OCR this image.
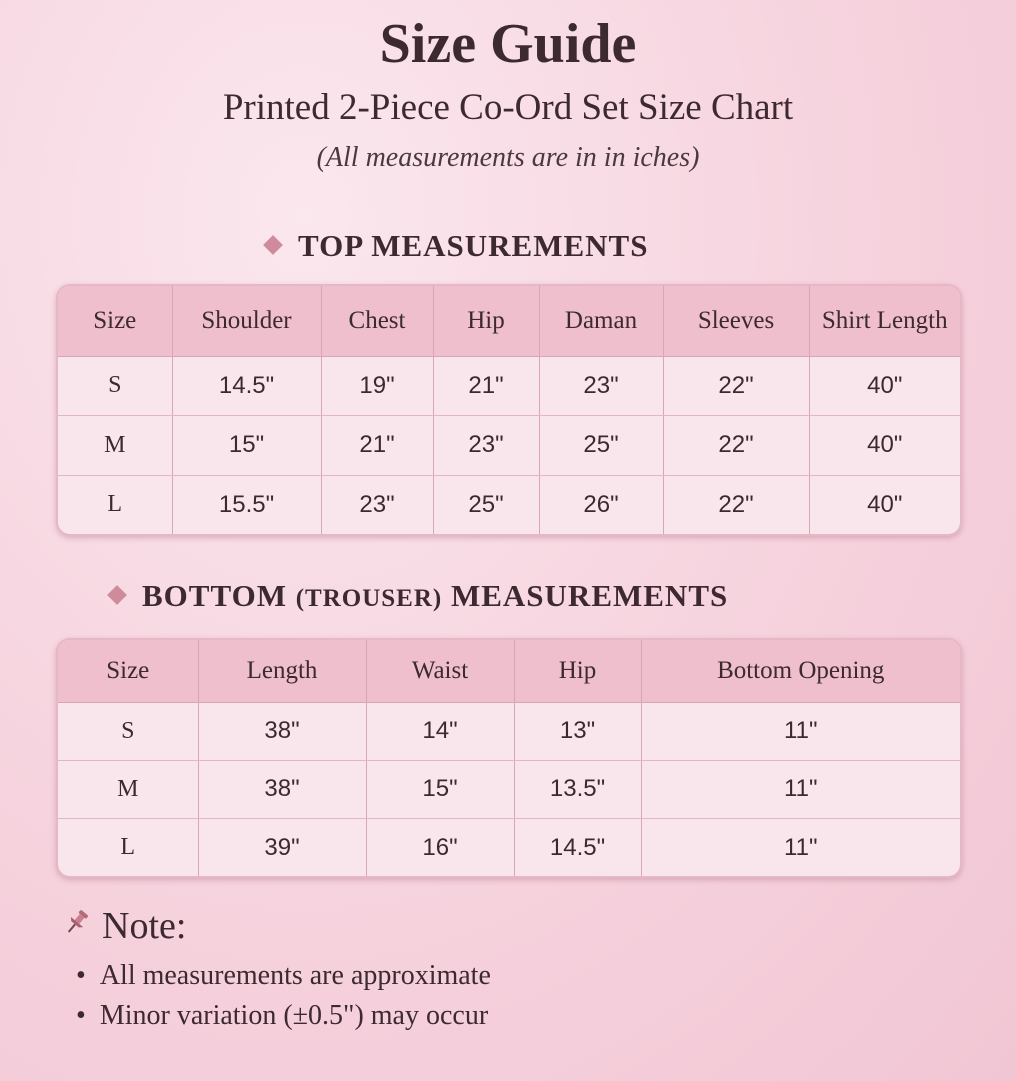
Size Guide
Printed 2-Piece Co-Ord Set Size Chart
(All measurements are in in iches)
TOP MEASUREMENTS
Size	Shoulder	Chest	Hip	Daman	Sleeves	Shirt Length
S	14.5"	19"	21"	23"	22"	40"
M	15"	21"	23"	25"	22"	40"
L	15.5"	23"	25"	26"	22"	40"
BOTTOM (TROUSER) MEASUREMENTS
Size	Length	Waist	Hip	Bottom Opening
S	38"	14"	13"	11"
M	38"	15"	13.5"	11"
L	39"	16"	14.5"	11"
Note:
• All measurements are approximate
• Minor variation (±0.5") may occur
